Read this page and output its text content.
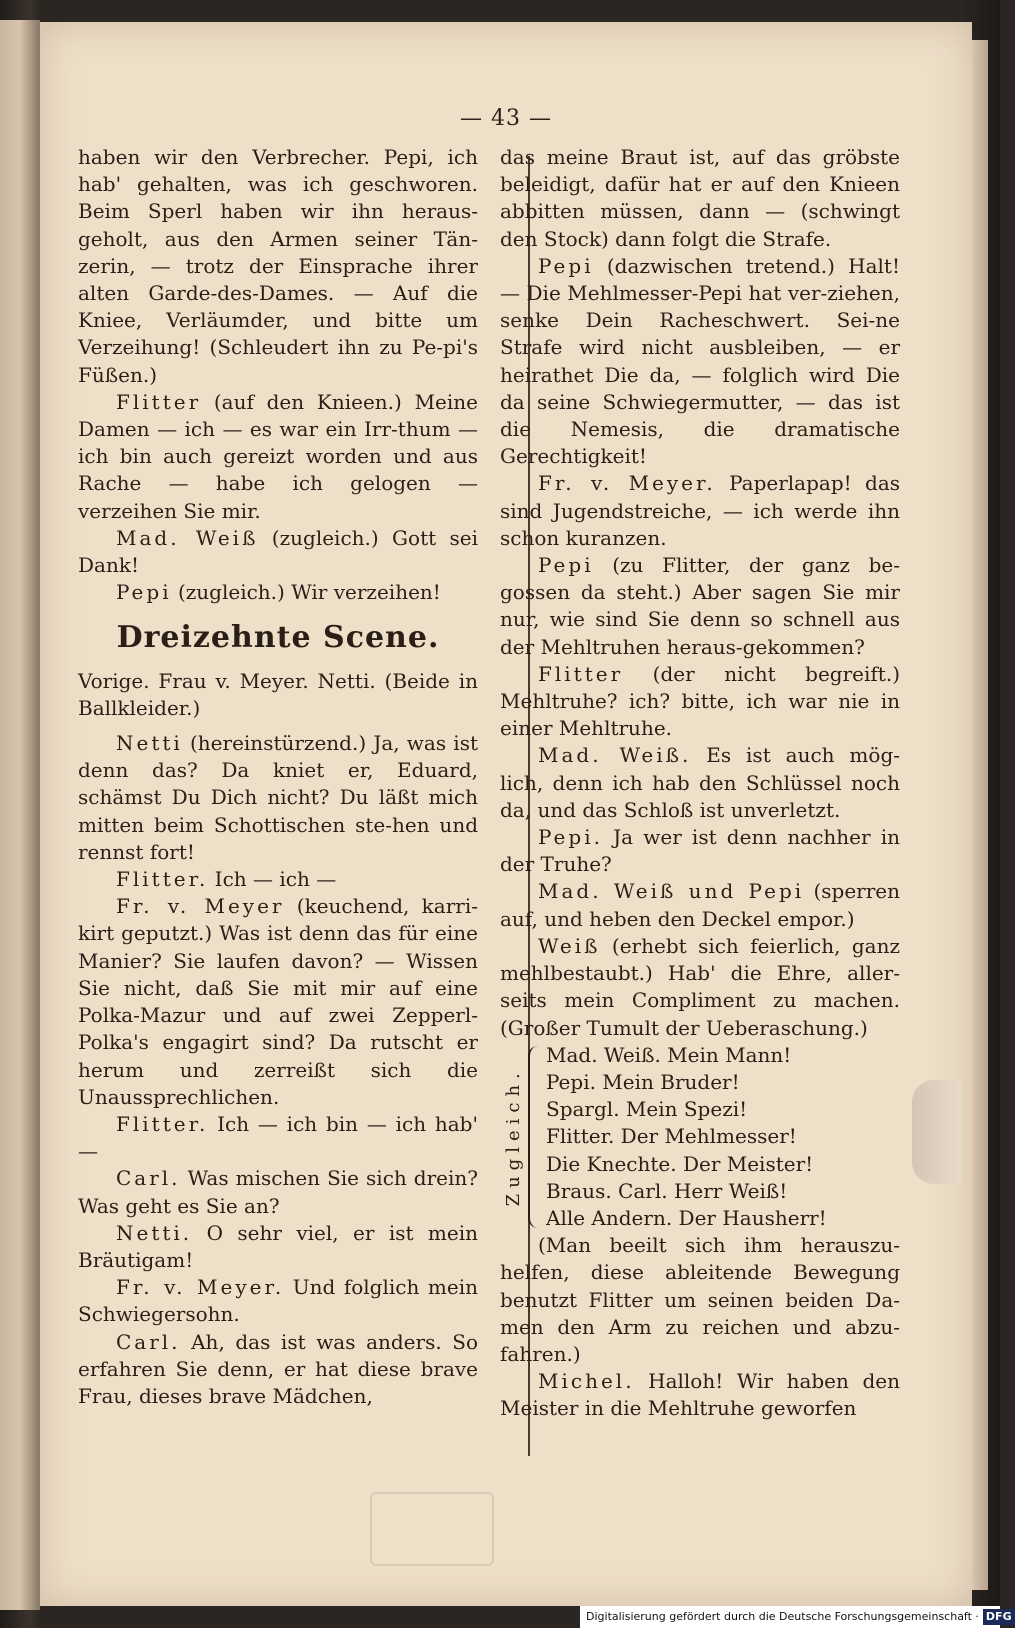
— 43 —

haben wir den Verbrecher. Pepi, ich hab' gehalten, was ich geschworen. Beim Sperl haben wir ihn heraus-geholt, aus den Armen seiner Tän-zerin, — trotz der Einsprache ihrer alten Garde-des-Dames. — Auf die Kniee, Verläumder, und bitte um Verzeihung! (Schleudert ihn zu Pe-pi's Füßen.)

Flitter (auf den Knieen.) Meine Damen — ich — es war ein Irr-thum — ich bin auch gereizt worden und aus Rache — habe ich gelogen — verzeihen Sie mir.

Mad. Weiß (zugleich.) Gott sei Dank!

Pepi (zugleich.) Wir verzeihen!

Dreizehnte Scene.

Vorige. Frau v. Meyer. Netti. (Beide in Ballkleider.)

Netti (hereinstürzend.) Ja, was ist denn das? Da kniet er, Eduard, schämst Du Dich nicht? Du läßt mich mitten beim Schottischen ste-hen und rennst fort!

Flitter. Ich — ich —

Fr. v. Meyer (keuchend, karri-kirt geputzt.) Was ist denn das für eine Manier? Sie laufen davon? — Wissen Sie nicht, daß Sie mit mir auf eine Polka-Mazur und auf zwei Zepperl-Polka's engagirt sind? Da rutscht er herum und zerreißt sich die Unaussprechlichen.

Flitter. Ich — ich bin — ich hab' —

Carl. Was mischen Sie sich drein? Was geht es Sie an?

Netti. O sehr viel, er ist mein Bräutigam!

Fr. v. Meyer. Und folglich mein Schwiegersohn.

Carl. Ah, das ist was anders. So erfahren Sie denn, er hat diese brave Frau, dieses brave Mädchen,

das meine Braut ist, auf das gröbste beleidigt, dafür hat er auf den Knieen abbitten müssen, dann — (schwingt den Stock) dann folgt die Strafe.

Pepi (dazwischen tretend.) Halt! — Die Mehlmesser-Pepi hat ver-ziehen, senke Dein Racheschwert. Sei-ne Strafe wird nicht ausbleiben, — er heirathet Die da, — folglich wird Die da seine Schwiegermutter, — das ist die Nemesis, die dramatische Gerechtigkeit!

Fr. v. Meyer. Paperlapap! das sind Jugendstreiche, — ich werde ihn schon kuranzen.

Pepi (zu Flitter, der ganz be-gossen da steht.) Aber sagen Sie mir nur, wie sind Sie denn so schnell aus der Mehltruhen heraus-gekommen?

Flitter (der nicht begreift.) Mehltruhe? ich? bitte, ich war nie in einer Mehltruhe.

Mad. Weiß. Es ist auch mög-lich, denn ich hab den Schlüssel noch da, und das Schloß ist unverletzt.

Pepi. Ja wer ist denn nachher in der Truhe?

Mad. Weiß und Pepi (sperren auf, und heben den Deckel empor.)

Weiß (erhebt sich feierlich, ganz mehlbestaubt.) Hab' die Ehre, aller-seits mein Compliment zu machen. (Großer Tumult der Ueberaschung.)

Zugleich.
Mad. Weiß. Mein Mann!
Pepi. Mein Bruder!
Spargl. Mein Spezi!
Flitter. Der Mehlmesser!
Die Knechte. Der Meister!
Braus. Carl. Herr Weiß!
Alle Andern. Der Hausherr!

(Man beeilt sich ihm herauszu-helfen, diese ableitende Bewegung benutzt Flitter um seinen beiden Da-men den Arm zu reichen und abzu-fahren.)

Michel. Halloh! Wir haben den Meister in die Mehltruhe geworfen

Digitalisierung gefördert durch die Deutsche Forschungsgemeinschaft · DFG
